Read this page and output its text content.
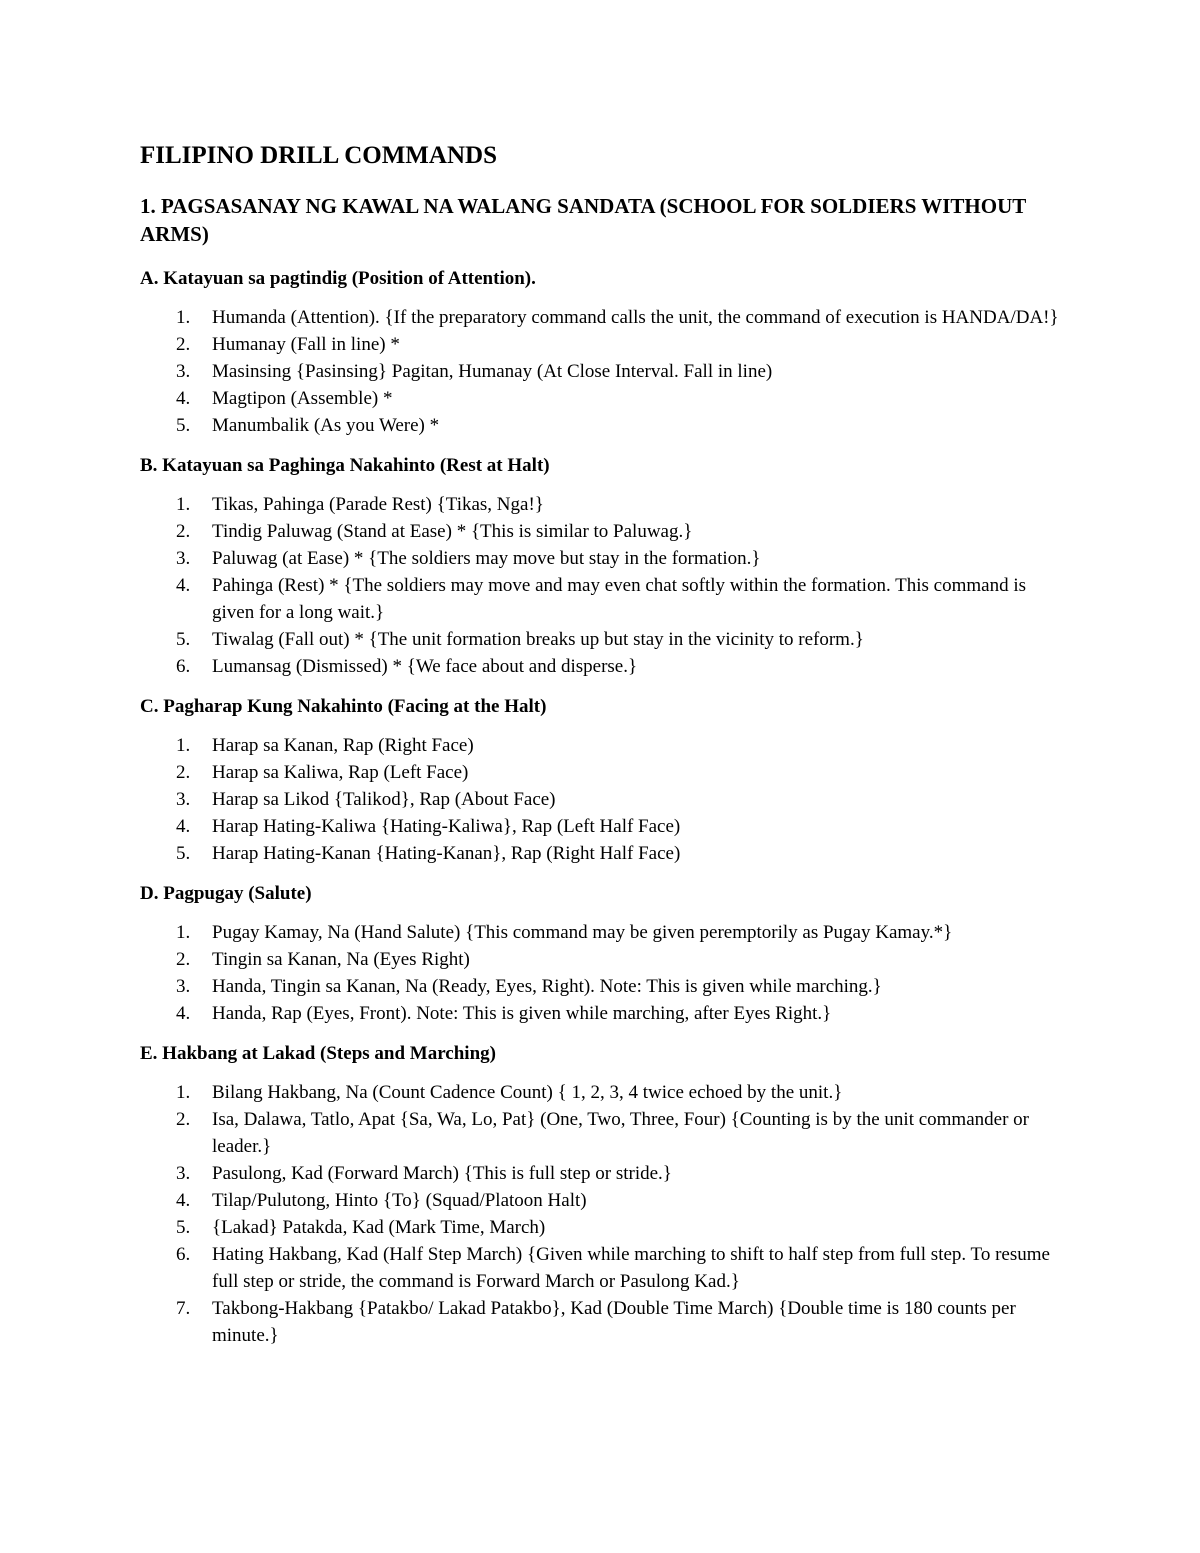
FILIPINO DRILL COMMANDS
1. PAGSASANAY NG KAWAL NA WALANG SANDATA (SCHOOL FOR SOLDIERS WITHOUT ARMS)
A. Katayuan sa pagtindig (Position of Attention).
1. Humanda (Attention). {If the preparatory command calls the unit, the command of execution is HANDA/DA!}
2. Humanay (Fall in line) *
3. Masinsing {Pasinsing} Pagitan, Humanay (At Close Interval. Fall in line)
4. Magtipon (Assemble) *
5. Manumbalik (As you Were) *
B. Katayuan sa Paghinga Nakahinto (Rest at Halt)
1. Tikas, Pahinga (Parade Rest) {Tikas, Nga!}
2. Tindig Paluwag (Stand at Ease) * {This is similar to Paluwag.}
3. Paluwag (at Ease) * {The soldiers may move but stay in the formation.}
4. Pahinga (Rest) * {The soldiers may move and may even chat softly within the formation. This command is given for a long wait.}
5. Tiwalag (Fall out) * {The unit formation breaks up but stay in the vicinity to reform.}
6. Lumansag (Dismissed) * {We face about and disperse.}
C. Pagharap Kung Nakahinto (Facing at the Halt)
1. Harap sa Kanan, Rap (Right Face)
2. Harap sa Kaliwa, Rap (Left Face)
3. Harap sa Likod {Talikod}, Rap (About Face)
4. Harap Hating-Kaliwa {Hating-Kaliwa}, Rap (Left Half Face)
5. Harap Hating-Kanan {Hating-Kanan}, Rap (Right Half Face)
D. Pagpugay (Salute)
1. Pugay Kamay, Na (Hand Salute) {This command may be given peremptorily as Pugay Kamay.*}
2. Tingin sa Kanan, Na (Eyes Right)
3. Handa, Tingin sa Kanan, Na (Ready, Eyes, Right). Note: This is given while marching.}
4. Handa, Rap (Eyes, Front). Note: This is given while marching, after Eyes Right.}
E. Hakbang at Lakad (Steps and Marching)
1. Bilang Hakbang, Na (Count Cadence Count) { 1, 2, 3, 4 twice echoed by the unit.}
2. Isa, Dalawa, Tatlo, Apat {Sa, Wa, Lo, Pat} (One, Two, Three, Four) {Counting is by the unit commander or leader.}
3. Pasulong, Kad (Forward March) {This is full step or stride.}
4. Tilap/Pulutong, Hinto {To} (Squad/Platoon Halt)
5. {Lakad} Patakda, Kad (Mark Time, March)
6. Hating Hakbang, Kad (Half Step March) {Given while marching to shift to half step from full step. To resume full step or stride, the command is Forward March or Pasulong Kad.}
7. Takbong-Hakbang {Patakbo/ Lakad Patakbo}, Kad (Double Time March) {Double time is 180 counts per minute.}
